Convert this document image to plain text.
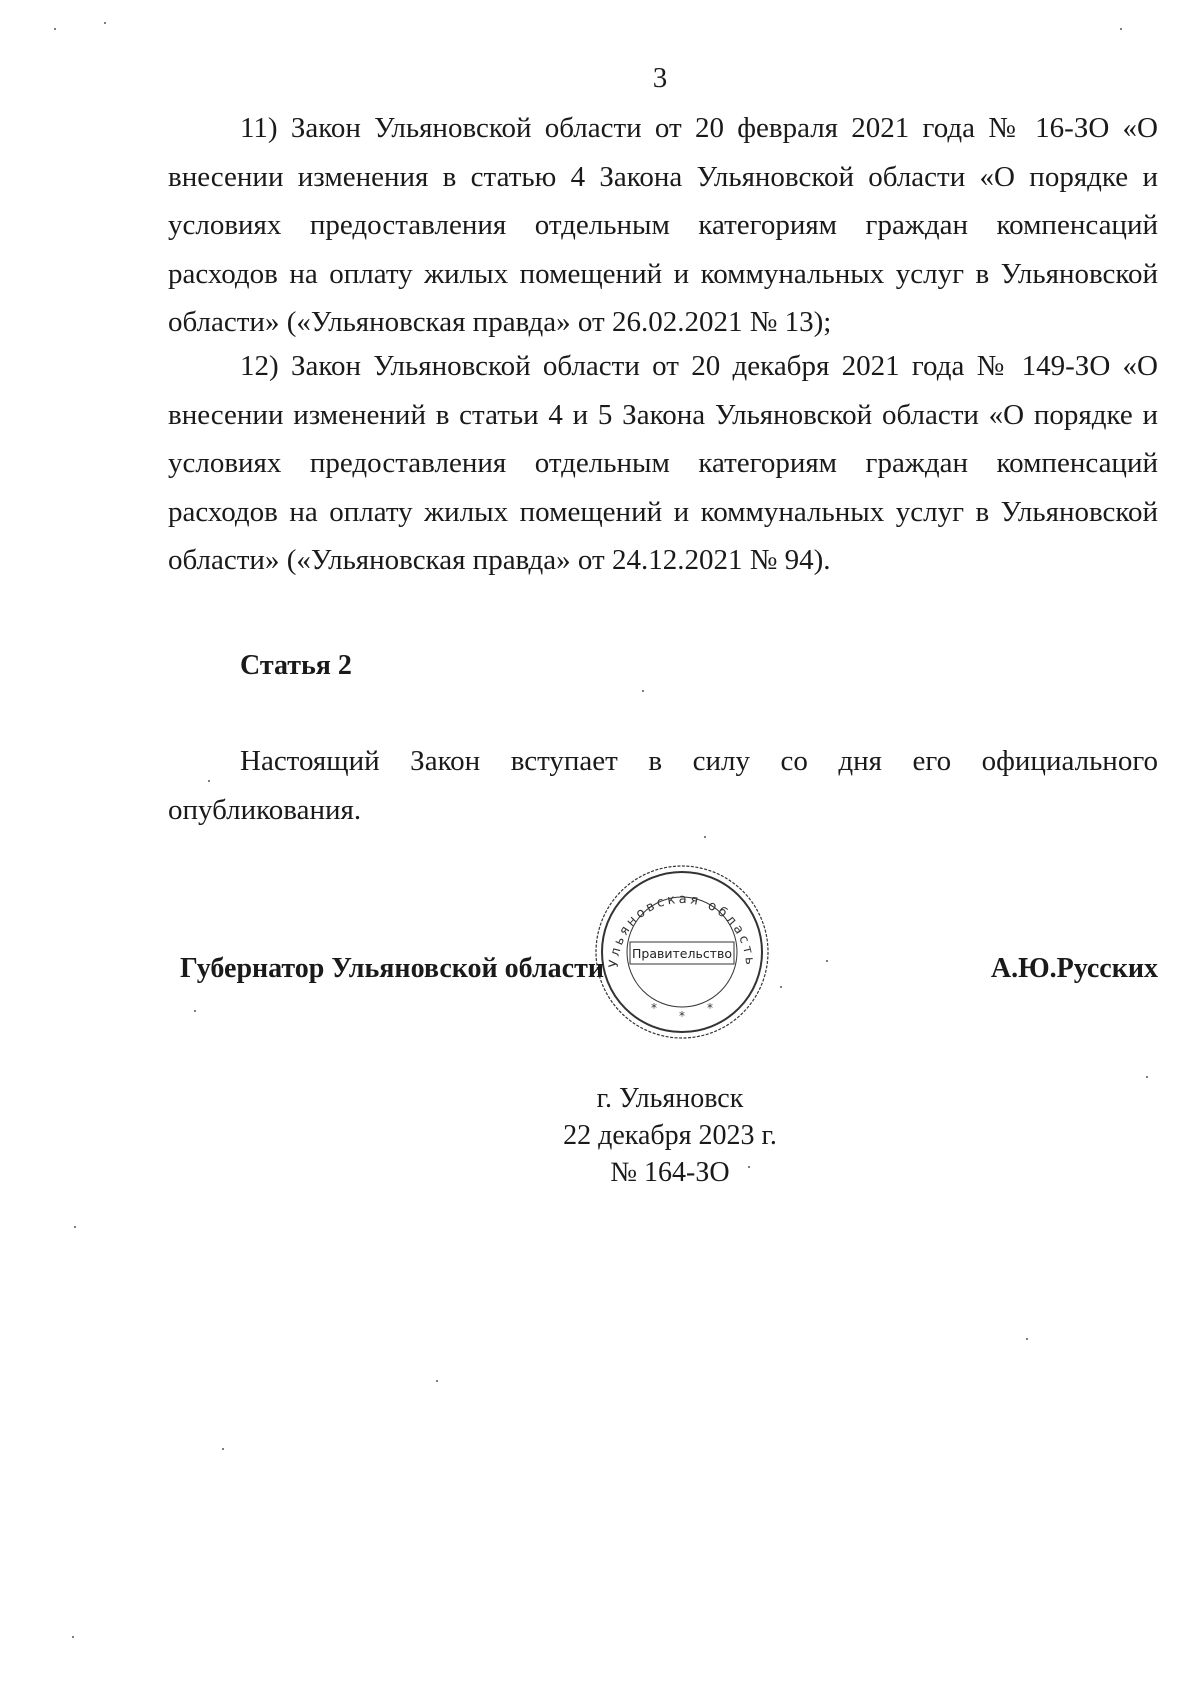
3

11) Закон Ульяновской области от 20 февраля 2021 года № 16-ЗО «О внесении изменения в статью 4 Закона Ульяновской области «О порядке и условиях предоставления отдельным категориям граждан компенсаций расходов на оплату жилых помещений и коммунальных услуг в Ульяновской области» («Ульяновская правда» от 26.02.2021 № 13);

12) Закон Ульяновской области от 20 декабря 2021 года № 149-ЗО «О внесении изменений в статьи 4 и 5 Закона Ульяновской области «О порядке и условиях предоставления отдельным категориям граждан компенсаций расходов на оплату жилых помещений и коммунальных услуг в Ульяновской области» («Ульяновская правда» от 24.12.2021 № 94).

Статья 2

Настоящий Закон вступает в силу со дня его официального опубликования.

Ульяновская область
Правительство
*
*
*
Губернатор Ульяновской области	А.Ю.Русских
г. Ульяновск
22 декабря 2023 г.
№ 164-ЗО
